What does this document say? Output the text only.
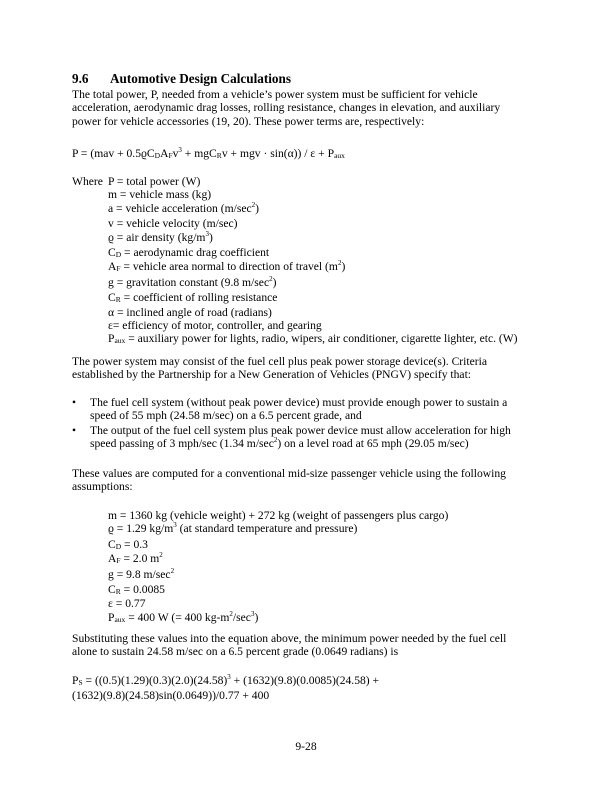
9.6 Automotive Design Calculations
The total power, P, needed from a vehicle’s power system must be sufficient for vehicle
acceleration, aerodynamic drag losses, rolling resistance, changes in elevation, and auxiliary
power for vehicle accessories (19, 20). These power terms are, respectively:
$P = (mav + 0.5ϱC_DA_Fv^3 + mgC_Rv$ + mgv · $\sin(\alpha)) / \varepsilon + P_{aux}$
Where P = total power (W)
m = vehicle mass (kg)
a = vehicle acceleration $(m/\sec^2)$
v = vehicle velocity (m/sec)
ϱ = air density $(kg/m^3)$
$C_D$ = aerodynamic drag coefficient
$A_F$ = vehicle area normal to direction of travel $(m^2)$
g = gravitation constant (9.8 $m/\sec^2$)
$C_R$ = coefficient of rolling resistance
α = inclined angle of road (radians)
ε= efficiency of motor, controller, and gearing
$P_{aux}$ = auxiliary power for lights, radio, wipers, air conditioner, cigarette lighter, etc. (W)
The power system may consist of the fuel cell plus peak power storage device(s). Criteria
established by the Partnership for a New Generation of Vehicles (PNGV) specify that:
• The fuel cell system (without peak power device) must provide enough power to sustain a
speed of 55 mph (24.58 m/sec) on a 6.5 percent grade, and
• The output of the fuel cell system plus peak power device must allow acceleration for high
speed passing of 3 mph/sec (1.34 $m/\sec^2$) on a level road at 65 mph (29.05 m/sec)
These values are computed for a conventional mid-size passenger vehicle using the following
assumptions:
m = 1360 kg (vehicle weight) + 272 kg (weight of passengers plus cargo)
ϱ = 1.29 $kg/m^3$ (at standard temperature and pressure)
$C_D = 0.3$
$A_F = 2.0$ $m^2$
g = 9.8 $m/\sec^2$
$C_R = 0.0085$
ε = 0.77
$P_{aux} = 400$ W (= 400 $kg-m^2/\sec^3$)
Substituting these values into the equation above, the minimum power needed by the fuel cell
alone to sustain 24.58 m/sec on a 6.5 percent grade (0.0649 radians) is
$P_S = ((0.5)(1.29)(0.3)(2.0)(24.58)^3 + (1632)(9.8)(0.0085)(24.58)$ +
(1632)(9.8)(24.58)sin(0.0649))/0.77 + 400
9-28
